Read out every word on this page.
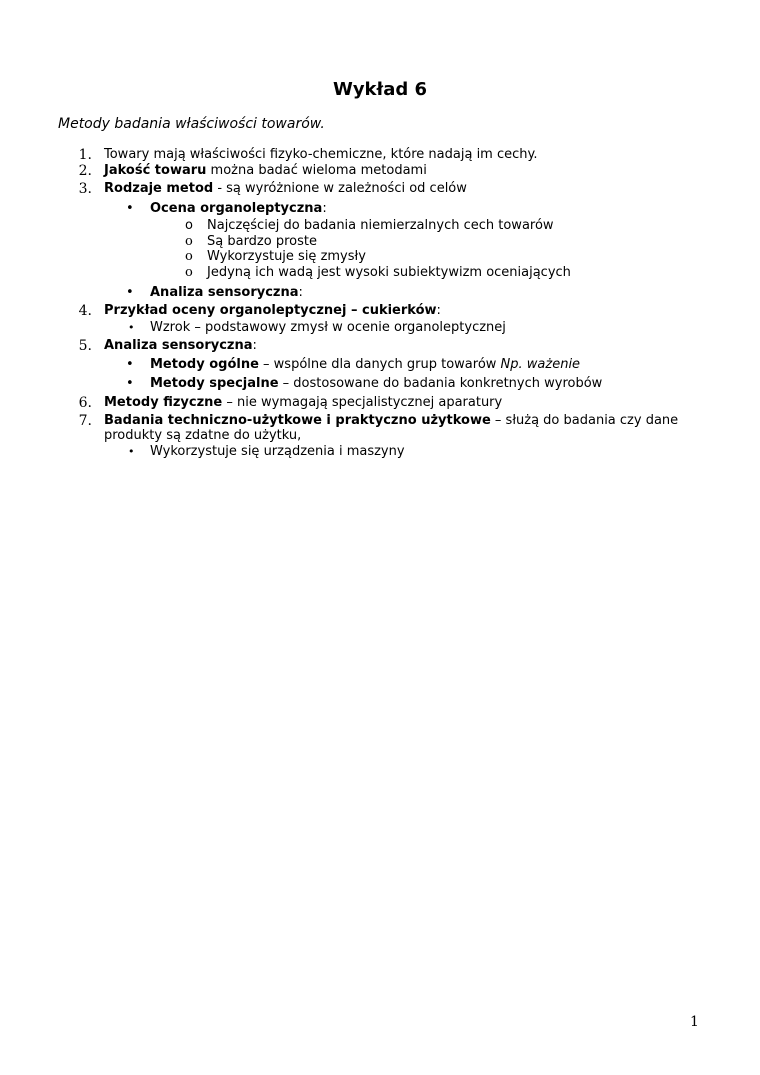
Wykład 6
Metody badania właściwości towarów.
1. Towary mają właściwości fizyko-chemiczne, które nadają im cechy.
2. Jakość towaru można badać wieloma metodami
3. Rodzaje metod - są wyróżnione w zależności od celów
• Ocena organoleptyczna:
o Najczęściej do badania niemierzalnych cech towarów
o Są bardzo proste
o Wykorzystuje się zmysły
o Jedyną ich wadą jest wysoki subiektywizm oceniających
• Analiza sensoryczna:
4. Przykład oceny organoleptycznej – cukierków:
• Wzrok – podstawowy zmysł w ocenie organoleptycznej
5. Analiza sensoryczna:
• Metody ogólne – wspólne dla danych grup towarów Np. ważenie
• Metody specjalne – dostosowane do badania konkretnych wyrobów
6. Metody fizyczne – nie wymagają specjalistycznej aparatury
7. Badania techniczno-użytkowe i praktyczno użytkowe – służą do badania czy dane
produkty są zdatne do użytku,
• Wykorzystuje się urządzenia i maszyny
1
